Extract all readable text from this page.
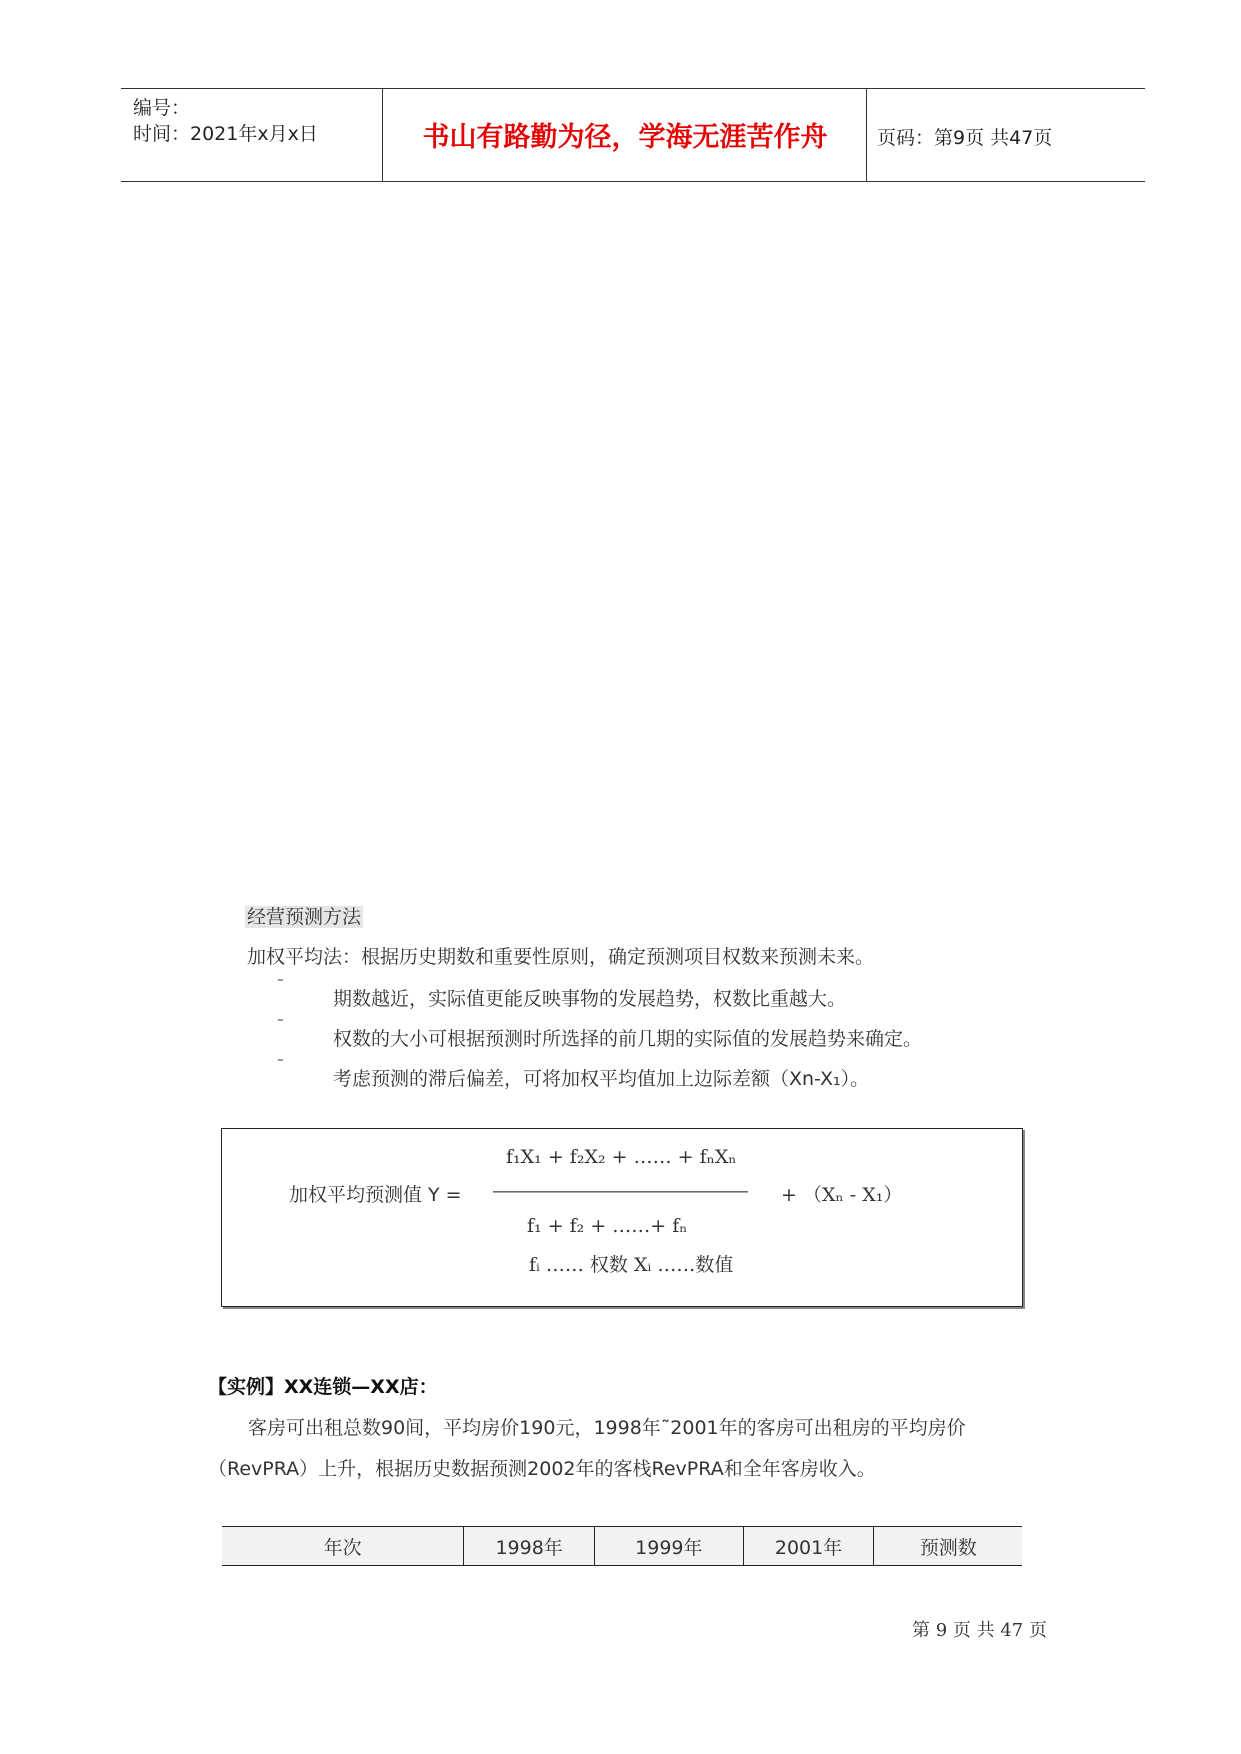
编号：
时间：2021年x月x日	书山有路勤为径，学海无涯苦作舟	页码：第9页 共47页
经营预测方法
加权平均法：根据历史期数和重要性原则，确定预测项目权数来预测未来。
˜
期数越近，实际值更能反映事物的发展趋势，权数比重越大。
˜
权数的大小可根据预测时所选择的前几期的实际值的发展趋势来确定。
˜
考虑预测的滞后偏差，可将加权平均值加上边际差额（Xn-X₁）。
f₁X₁ + f₂X₂ + …… + fₙXₙ
加权平均预测值 Y = ——————————————— + （Xₙ - X₁）
f₁ + f₂ + ……+ fₙ
fᵢ …… 权数 Xᵢ ……数值
【实例】XX连锁—XX店：
客房可出租总数90间，平均房价190元，1998年˜2001年的客房可出租房的平均房价
（RevPRA）上升，根据历史数据预测2002年的客栈RevPRA和全年客房收入。
年次	1998年	1999年	2001年	预测数
第 9 页 共 47 页
